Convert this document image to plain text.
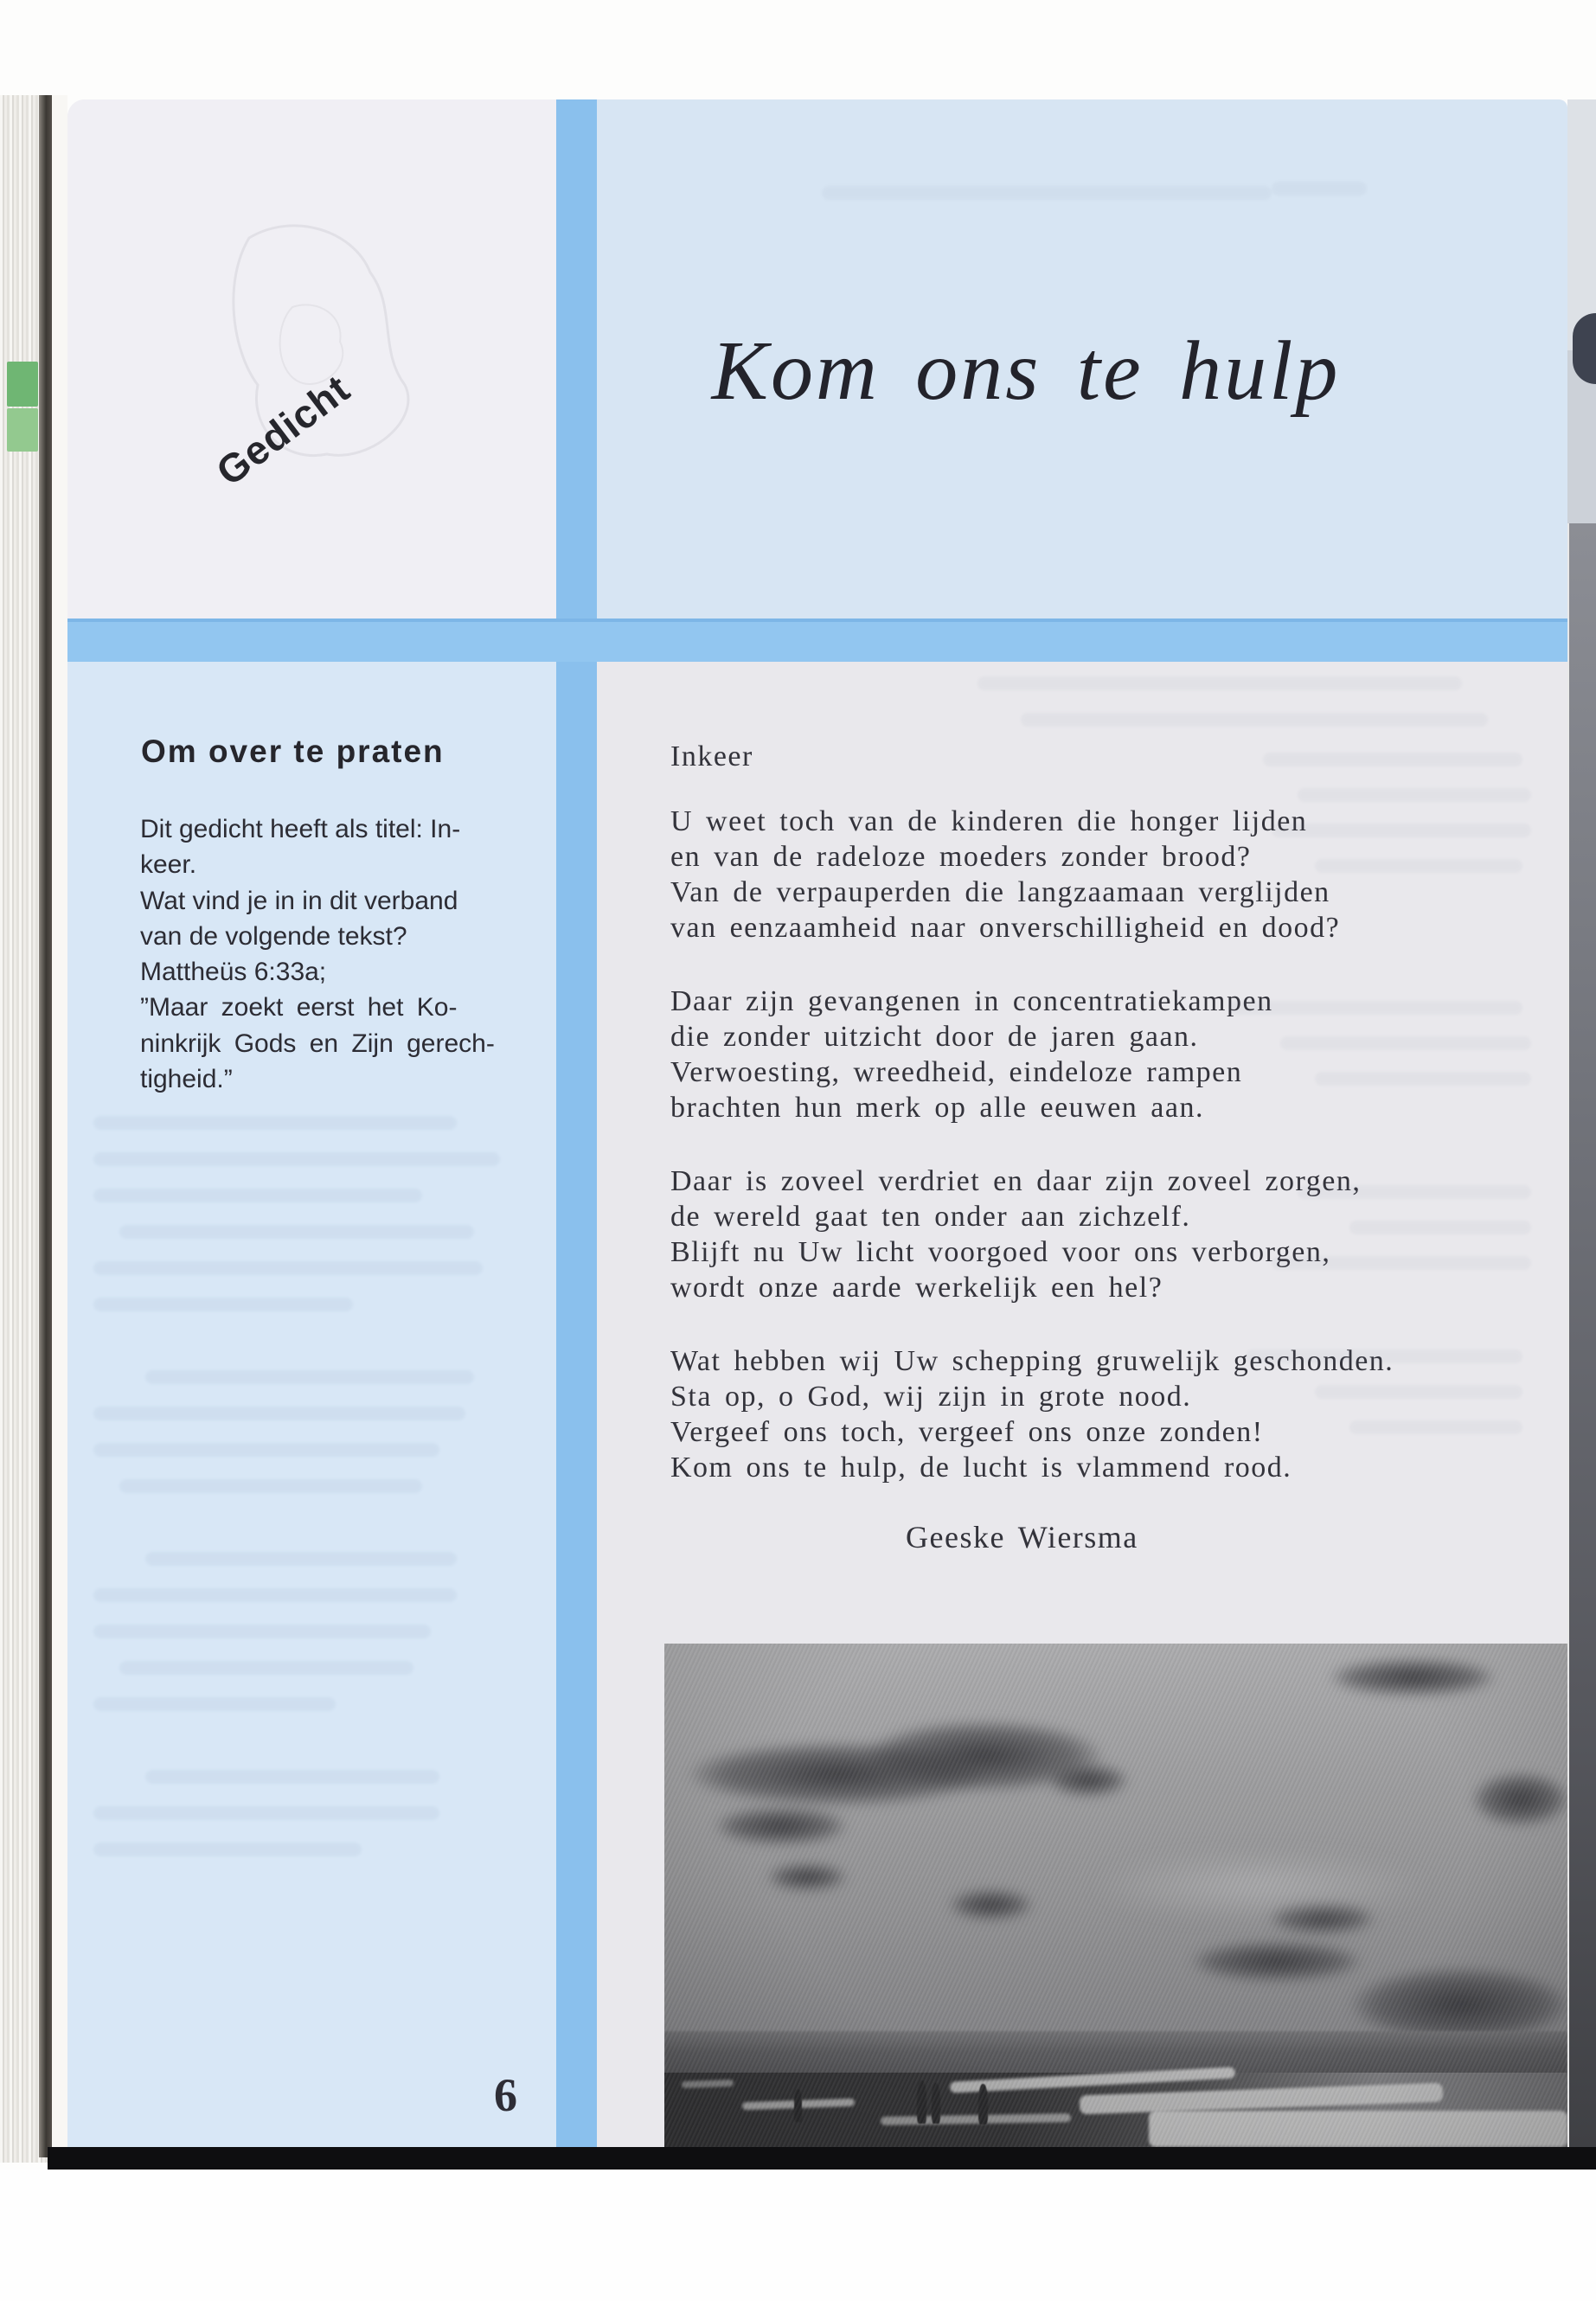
Gedicht	Kom ons te hulp
Om over te praten
Dit gedicht heeft als titel: In-
keer.
Wat vind je in in dit verband
van de volgende tekst?
Mattheüs 6:33a;
”Maar zoekt eerst het Ko-
ninkrijk Gods en Zijn gerech-
tigheid.”
Inkeer
U weet toch van de kinderen die honger lijden
en van de radeloze moeders zonder brood?
Van de verpauperden die langzaamaan verglijden
van eenzaamheid naar onverschilligheid en dood?
Daar zijn gevangenen in concentratiekampen
die zonder uitzicht door de jaren gaan.
Verwoesting, wreedheid, eindeloze rampen
brachten hun merk op alle eeuwen aan.
Daar is zoveel verdriet en daar zijn zoveel zorgen,
de wereld gaat ten onder aan zichzelf.
Blijft nu Uw licht voorgoed voor ons verborgen,
wordt onze aarde werkelijk een hel?
Wat hebben wij Uw schepping gruwelijk geschonden.
Sta op, o God, wij zijn in grote nood.
Vergeef ons toch, vergeef ons onze zonden!
Kom ons te hulp, de lucht is vlammend rood.
Geeske Wiersma
6
